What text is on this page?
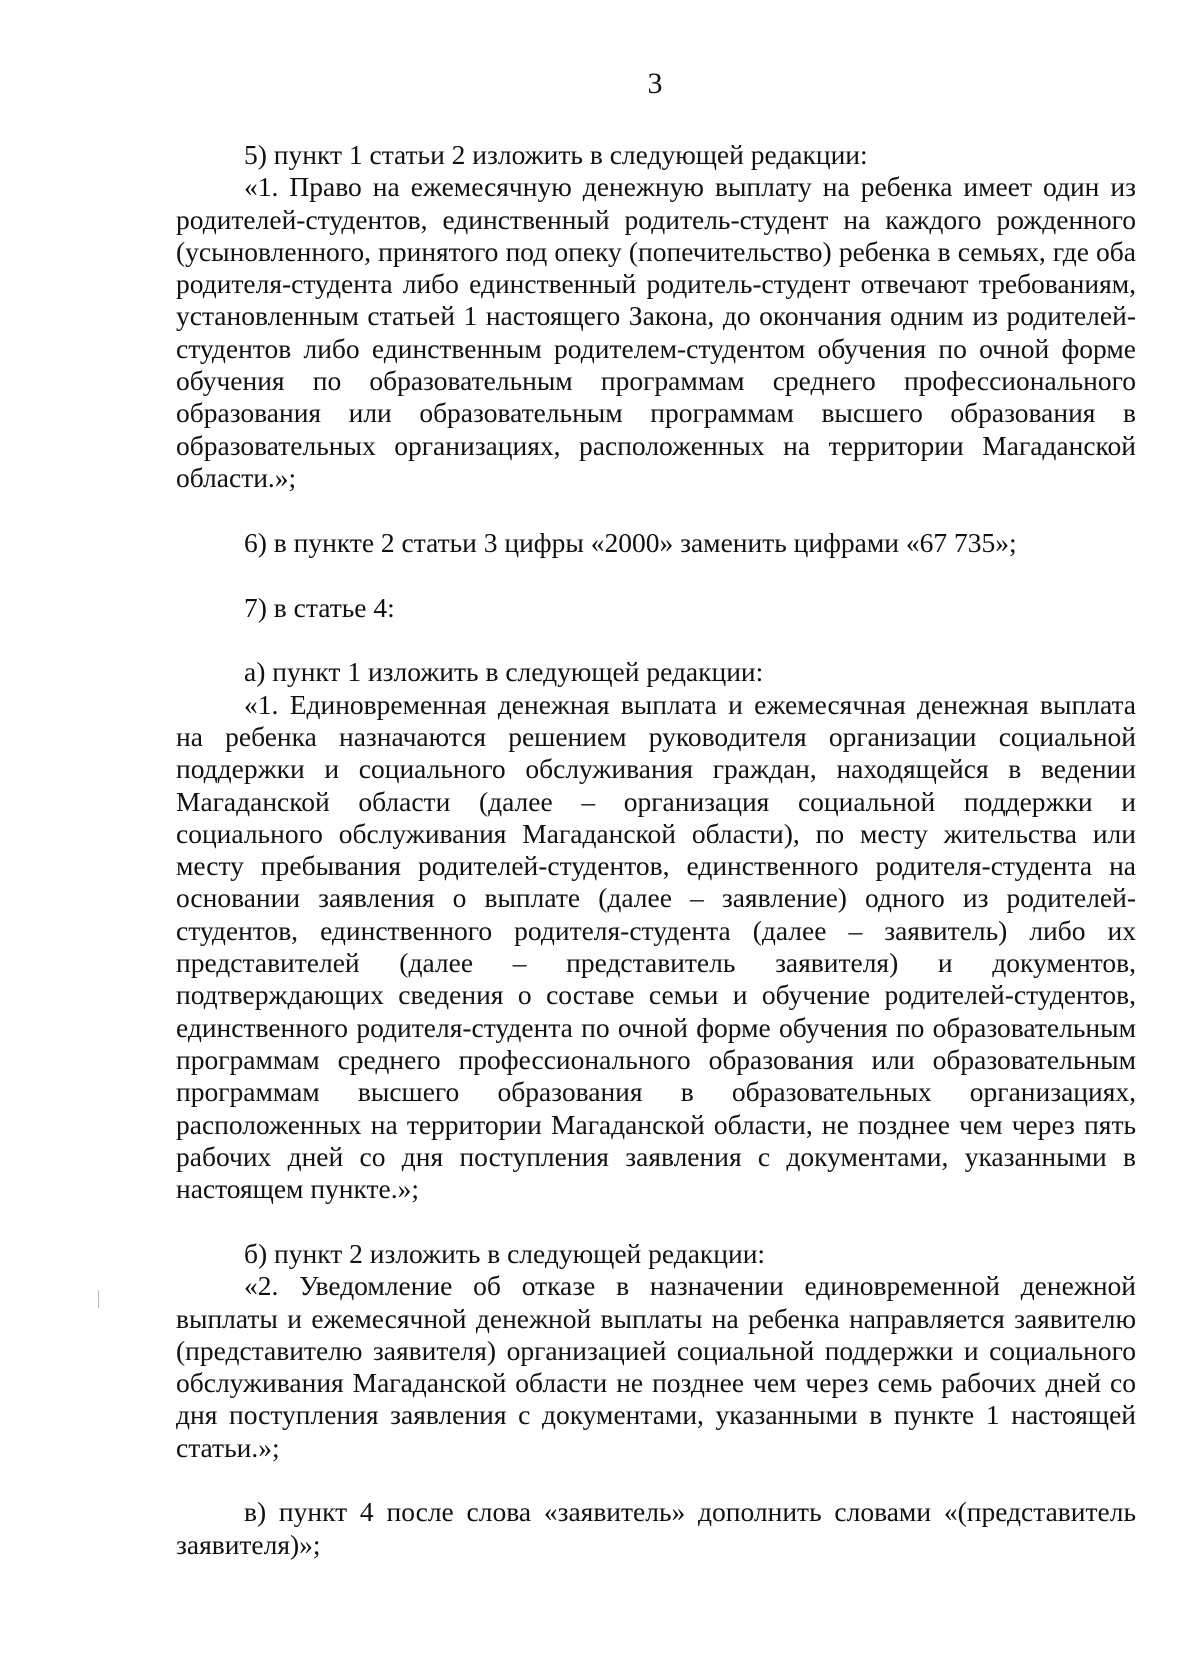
3

5) пункт 1 статьи 2 изложить в следующей редакции:

«1. Право на ежемесячную денежную выплату на ребенка имеет один из родителей-студентов, единственный родитель-студент на каждого рожденного (усыновленного, принятого под опеку (попечительство) ребенка в семьях, где оба родителя-студента либо единственный родитель-студент отвечают требованиям, установленным статьей 1 настоящего Закона, до окончания одним из родителей-студентов либо единственным родителем-студентом обучения по очной форме обучения по образовательным программам среднего профессионального образования или образовательным программам высшего образования в образовательных организациях, расположенных на территории Магаданской области.»;

6) в пункте 2 статьи 3 цифры «2000» заменить цифрами «67 735»;

7) в статье 4:

а) пункт 1 изложить в следующей редакции:

«1. Единовременная денежная выплата и ежемесячная денежная выплата на ребенка назначаются решением руководителя организации социальной поддержки и социального обслуживания граждан, находящейся в ведении Магаданской области (далее – организация социальной поддержки и социального обслуживания Магаданской области), по месту жительства или месту пребывания родителей-студентов, единственного родителя-студента на основании заявления о выплате (далее – заявление) одного из родителей-студентов, единственного родителя-студента (далее – заявитель) либо их представителей (далее – представитель заявителя) и документов, подтверждающих сведения о составе семьи и обучение родителей-студентов, единственного родителя-студента по очной форме обучения по образовательным программам среднего профессионального образования или образовательным программам высшего образования в образовательных организациях, расположенных на территории Магаданской области, не позднее чем через пять рабочих дней со дня поступления заявления с документами, указанными в настоящем пункте.»;

б) пункт 2 изложить в следующей редакции:

«2. Уведомление об отказе в назначении единовременной денежной выплаты и ежемесячной денежной выплаты на ребенка направляется заявителю (представителю заявителя) организацией социальной поддержки и социального обслуживания Магаданской области не позднее чем через семь рабочих дней со дня поступления заявления с документами, указанными в пункте 1 настоящей статьи.»;

в) пункт 4 после слова «заявитель» дополнить словами «(представитель заявителя)»;
